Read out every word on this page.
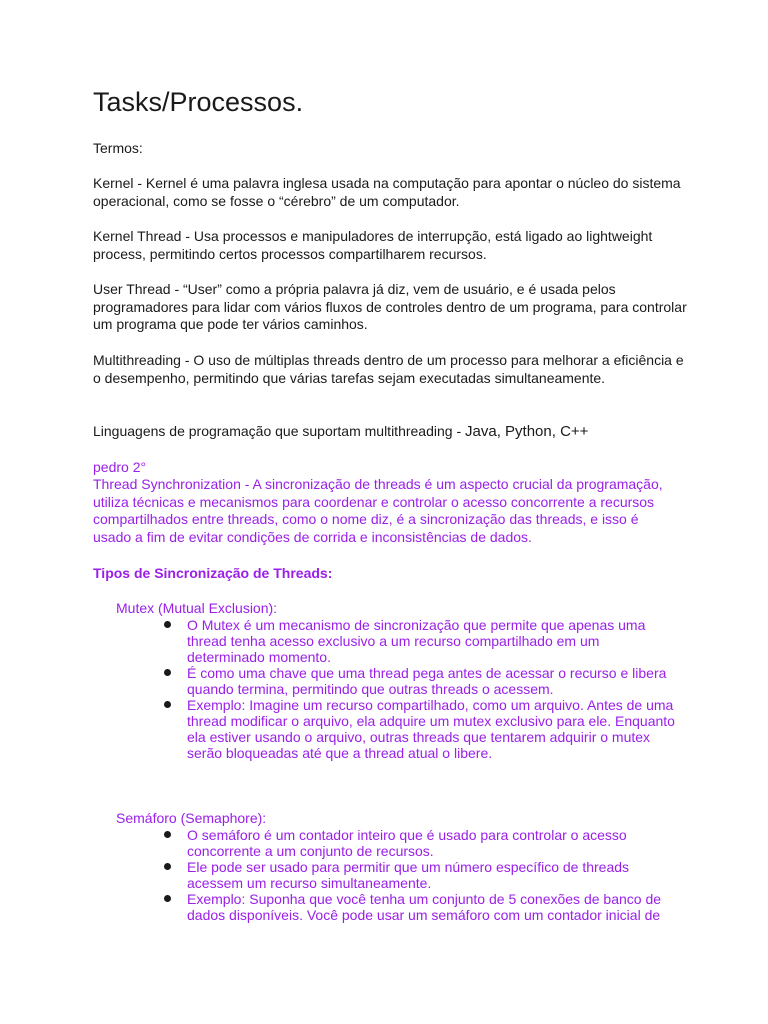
Tasks/Processos.

Termos:

Kernel - Kernel é uma palavra inglesa usada na computação para apontar o núcleo do sistema operacional, como se fosse o “cérebro” de um computador.

Kernel Thread - Usa processos e manipuladores de interrupção, está ligado ao lightweight process, permitindo certos processos compartilharem recursos.

User Thread - “User” como a própria palavra já diz, vem de usuário, e é usada pelos programadores para lidar com vários fluxos de controles dentro de um programa, para controlar um programa que pode ter vários caminhos.

Multithreading - O uso de múltiplas threads dentro de um processo para melhorar a eficiência e o desempenho, permitindo que várias tarefas sejam executadas simultaneamente.

Linguagens de programação que suportam multithreading - Java, Python, C++

pedro 2°

Thread Synchronization - A sincronização de threads é um aspecto crucial da programação, utiliza técnicas e mecanismos para coordenar e controlar o acesso concorrente a recursos compartilhados entre threads, como o nome diz, é a sincronização das threads, e isso é usado a fim de evitar condições de corrida e inconsistências de dados.

Tipos de Sincronização de Threads:

Mutex (Mutual Exclusion):

O Mutex é um mecanismo de sincronização que permite que apenas uma thread tenha acesso exclusivo a um recurso compartilhado em um determinado momento.
É como uma chave que uma thread pega antes de acessar o recurso e libera quando termina, permitindo que outras threads o acessem.
Exemplo: Imagine um recurso compartilhado, como um arquivo. Antes de uma thread modificar o arquivo, ela adquire um mutex exclusivo para ele. Enquanto ela estiver usando o arquivo, outras threads que tentarem adquirir o mutex serão bloqueadas até que a thread atual o libere.

Semáforo (Semaphore):

O semáforo é um contador inteiro que é usado para controlar o acesso concorrente a um conjunto de recursos.
Ele pode ser usado para permitir que um número específico de threads acessem um recurso simultaneamente.
Exemplo: Suponha que você tenha um conjunto de 5 conexões de banco de dados disponíveis. Você pode usar um semáforo com um contador inicial de
